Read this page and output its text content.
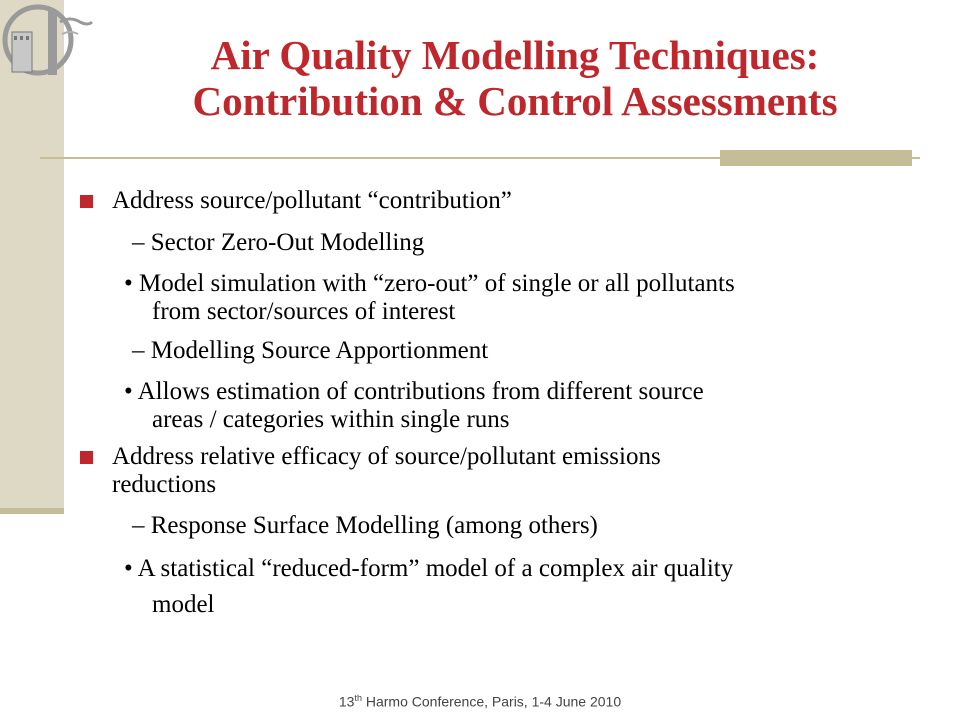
Air Quality Modelling Techniques:
Contribution & Control Assessments
Address source/pollutant “contribution”
– Sector Zero-Out Modelling
• Model simulation with “zero-out” of single or all pollutants
from sector/sources of interest
– Modelling Source Apportionment
• Allows estimation of contributions from different source
areas / categories within single runs
Address relative efficacy of source/pollutant emissions
reductions
– Response Surface Modelling (among others)
• A statistical “reduced-form” model of a complex air quality
model
13th Harmo Conference, Paris, 1-4 June 2010
